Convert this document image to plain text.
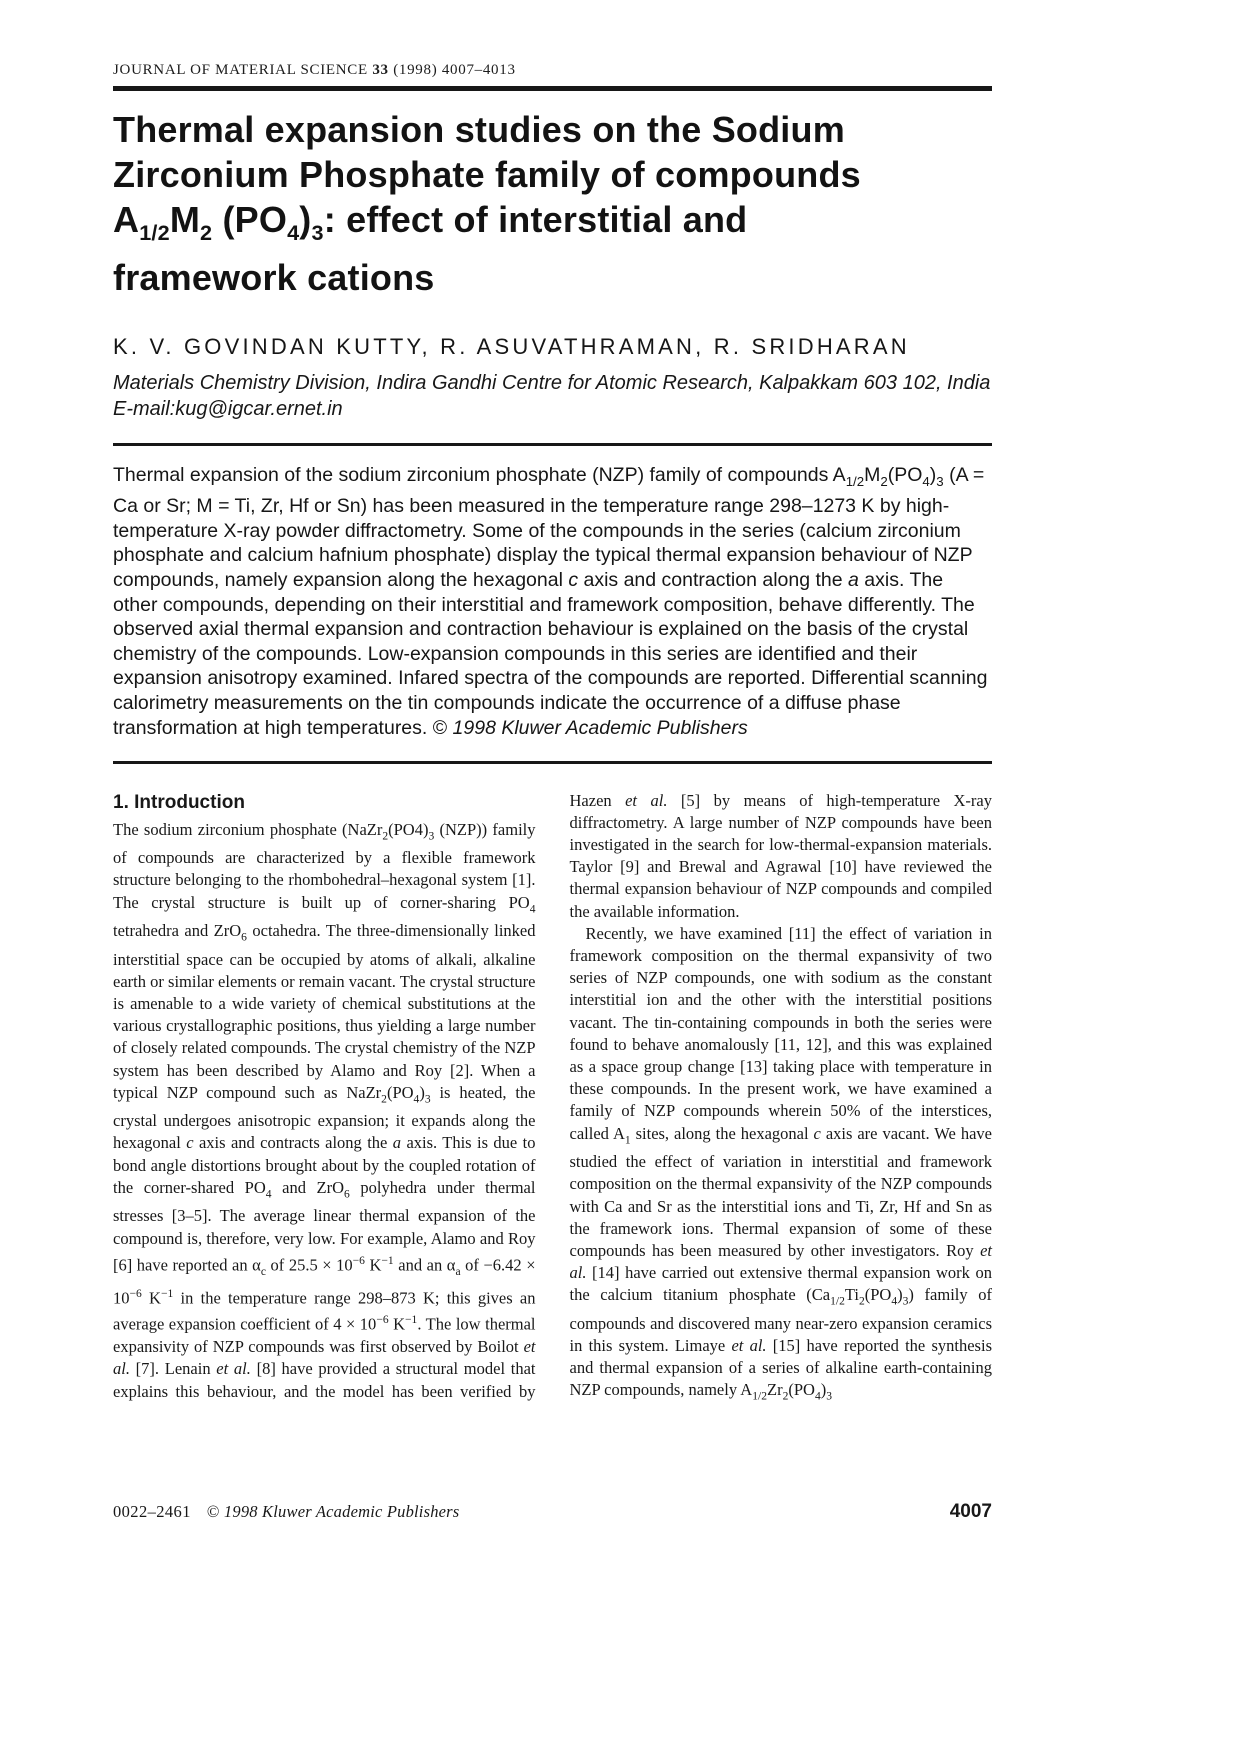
JOURNAL OF MATERIAL SCIENCE 33 (1998) 4007–4013
Thermal expansion studies on the Sodium
Zirconium Phosphate family of compounds
$A_{1/2}M_2$ $(PO_4)_3$: effect of interstitial and
framework cations
K. V. GOVINDAN KUTTY, R. ASUVATHRAMAN, R. SRIDHARAN
Materials Chemistry Division, Indira Gandhi Centre for Atomic Research, Kalpakkam 603 102, India
E-mail:kug@igcar.ernet.in

Thermal expansion of the sodium zirconium phosphate (NZP) family of compounds $A_{1/2}M_2(PO_4)_3$ (A = Ca or Sr; M = Ti, Zr, Hf or Sn) has been measured in the temperature range 298–1273 K by high-temperature X-ray powder diffractometry. Some of the compounds in the series (calcium zirconium phosphate and calcium hafnium phosphate) display the typical thermal expansion behaviour of NZP compounds, namely expansion along the hexagonal c axis and contraction along the a axis. The other compounds, depending on their interstitial and framework composition, behave differently. The observed axial thermal expansion and contraction behaviour is explained on the basis of the crystal chemistry of the compounds. Low-expansion compounds in this series are identified and their expansion anisotropy examined. Infared spectra of the compounds are reported. Differential scanning calorimetry measurements on the tin compounds indicate the occurrence of a diffuse phase transformation at high temperatures. © 1998 Kluwer Academic Publishers

1. Introduction

The sodium zirconium phosphate ($NaZr_2(PO4)_3$ (NZP)) family of compounds are characterized by a flexible framework structure belonging to the rhombohedral–hexagonal system [1]. The crystal structure is built up of corner-sharing $PO_4$ tetrahedra and ZrO$_6$ octahedra. The three-dimensionally linked interstitial space can be occupied by atoms of alkali, alkaline earth or similar elements or remain vacant. The crystal structure is amenable to a wide variety of chemical substitutions at the various crystallographic positions, thus yielding a large number of closely related compounds. The crystal chemistry of the NZP system has been described by Alamo and Roy [2]. When a typical NZP compound such as $NaZr_2(PO_4)_3$ is heated, the crystal undergoes anisotropic expansion; it expands along the hexagonal c axis and contracts along the a axis. This is due to bond angle distortions brought about by the coupled rotation of the corner-shared $PO_4$ and ZrO$_6$ polyhedra under thermal stresses [3–5]. The average linear thermal expansion of the compound is, therefore, very low. For example, Alamo and Roy [6] have reported an $\alpha_c$ of $25.5 \times 10^{-6}$ $K^{-1}$ and an $\alpha_a$ of $-6.42 \times 10^{-6}$ $K^{-1}$ in the temperature range 298–873 K; this gives an average expansion coefficient of $4 \times 10^{-6}$ $K^{-1}$. The low thermal expansivity of NZP compounds was first observed by Boilot et al. [7]. Lenain et al. [8] have provided a structural model that explains this behaviour, and the model has been verified by Hazen et al. [5] by means of high-temperature X-ray diffractometry. A large number of NZP compounds have been investigated in the search for low-thermal-expansion materials. Taylor [9] and Brewal and Agrawal [10] have reviewed the thermal expansion behaviour of NZP compounds and compiled the available information.

Recently, we have examined [11] the effect of variation in framework composition on the thermal expansivity of two series of NZP compounds, one with sodium as the constant interstitial ion and the other with the interstitial positions vacant. The tin-containing compounds in both the series were found to behave anomalously [11, 12], and this was explained as a space group change [13] taking place with temperature in these compounds. In the present work, we have examined a family of NZP compounds wherein 50% of the interstices, called $A_1$ sites, along the hexagonal c axis are vacant. We have studied the effect of variation in interstitial and framework composition on the thermal expansivity of the NZP compounds with Ca and Sr as the interstitial ions and Ti, Zr, Hf and Sn as the framework ions. Thermal expansion of some of these compounds has been measured by other investigators. Roy et al. [14] have carried out extensive thermal expansion work on the calcium titanium phosphate $(Ca_{1/2}Ti_2(PO_4)_3)$ family of compounds and discovered many near-zero expansion ceramics in this system. Limaye et al. [15] have reported the synthesis and thermal expansion of a series of alkaline earth-containing NZP compounds, namely $A_{1/2}Zr_2(PO_4)_3$

0022–2461 © 1998 Kluwer Academic Publishers	4007
